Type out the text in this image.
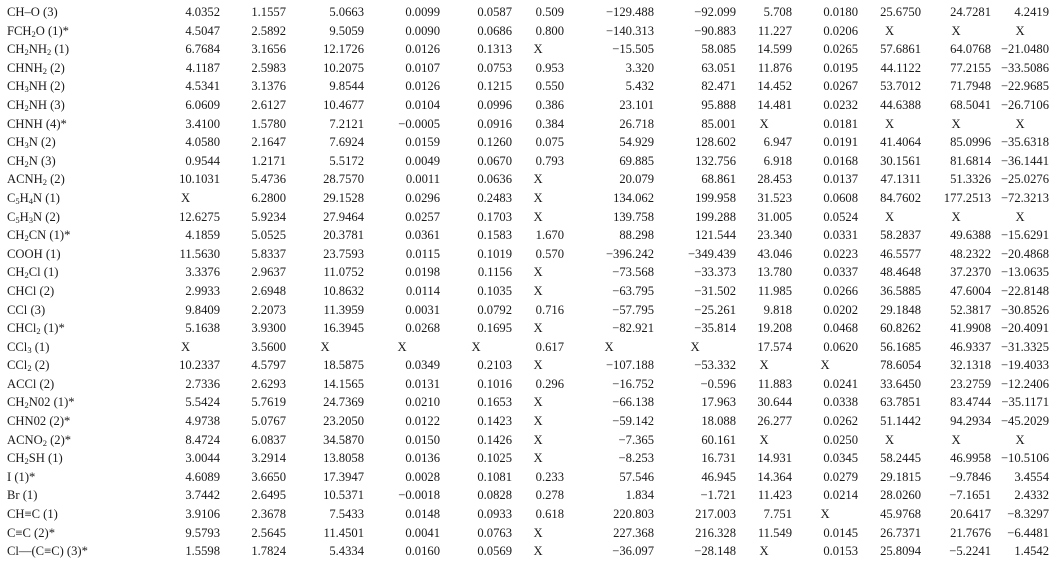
CH–O (3)	4.0352	1.1557	5.0663	0.0099	0.0587	0.509	−129.488	−92.099	5.708	0.0180	25.6750	24.7281	4.2419
$FCH_2O$ (1)*	4.5047	2.5892	9.5059	0.0090	0.0686	0.800	−140.313	−90.883	11.227	0.0206	X	X	X
$CH_2NH_2$ (1)	6.7684	3.1656	12.1726	0.0126	0.1313	X	−15.505	58.085	14.599	0.0265	57.6861	64.0768	−21.0480
$CHNH_2$ (2)	4.1187	2.5983	10.2075	0.0107	0.0753	0.953	3.320	63.051	11.876	0.0195	44.1122	77.2155	−33.5086
$CH_3NH$ (2)	4.5341	3.1376	9.8544	0.0126	0.1215	0.550	5.432	82.471	14.452	0.0267	53.7012	71.7948	−22.9685
$CH_2NH$ (3)	6.0609	2.6127	10.4677	0.0104	0.0996	0.386	23.101	95.888	14.481	0.0232	44.6388	68.5041	−26.7106
CHNH (4)*	3.4100	1.5780	7.2121	−0.0005	0.0916	0.384	26.718	85.001	X	0.0181	X	X	X
$CH_3N$ (2)	4.0580	2.1647	7.6924	0.0159	0.1260	0.075	54.929	128.602	6.947	0.0191	41.4064	85.0996	−35.6318
$CH_2N$ (3)	0.9544	1.2171	5.5172	0.0049	0.0670	0.793	69.885	132.756	6.918	0.0168	30.1561	81.6814	−36.1441
$ACNH_2$ (2)	10.1031	5.4736	28.7570	0.0011	0.0636	X	20.079	68.861	28.453	0.0137	47.1311	51.3326	−25.0276
$C_5H_4N$ (1)	X	6.2800	29.1528	0.0296	0.2483	X	134.062	199.958	31.523	0.0608	84.7602	177.2513	−72.3213
$C_5H_3N$ (2)	12.6275	5.9234	27.9464	0.0257	0.1703	X	139.758	199.288	31.005	0.0524	X	X	X
$CH_2CN$ (1)*	4.1859	5.0525	20.3781	0.0361	0.1583	1.670	88.298	121.544	23.340	0.0331	58.2837	49.6388	−15.6291
COOH (1)	11.5630	5.8337	23.7593	0.0115	0.1019	0.570	−396.242	−349.439	43.046	0.0223	46.5577	48.2322	−20.4868
$CH_2Cl$ (1)	3.3376	2.9637	11.0752	0.0198	0.1156	X	−73.568	−33.373	13.780	0.0337	48.4648	37.2370	−13.0635
CHCl (2)	2.9933	2.6948	10.8632	0.0114	0.1035	X	−63.795	−31.502	11.985	0.0266	36.5885	47.6004	−22.8148
CCl (3)	9.8409	2.2073	11.3959	0.0031	0.0792	0.716	−57.795	−25.261	9.818	0.0202	29.1848	52.3817	−30.8526
CHCl$_2$ (1)*	5.1638	3.9300	16.3945	0.0268	0.1695	X	−82.921	−35.814	19.208	0.0468	60.8262	41.9908	−20.4091
CCl$_3$ (1)	X	3.5600	X	X	X	0.617	X	X	17.574	0.0620	56.1685	46.9337	−31.3325
CCl$_2$ (2)	10.2337	4.5797	18.5875	0.0349	0.2103	X	−107.188	−53.332	X	X	78.6054	32.1318	−19.4033
ACCl (2)	2.7336	2.6293	14.1565	0.0131	0.1016	0.296	−16.752	−0.596	11.883	0.0241	33.6450	23.2759	−12.2406
$CH_2N02$ (1)*	5.5424	5.7619	24.7369	0.0210	0.1653	X	−66.138	17.963	30.644	0.0338	63.7851	83.4744	−35.1171
CHN02 (2)*	4.9738	5.0767	23.2050	0.0122	0.1423	X	−59.142	18.088	26.277	0.0262	51.1442	94.2934	−45.2029
$ACNO_2$ (2)*	8.4724	6.0837	34.5870	0.0150	0.1426	X	−7.365	60.161	X	0.0250	X	X	X
$CH_2SH$ (1)	3.0044	3.2914	13.8058	0.0136	0.1025	X	−8.253	16.731	14.931	0.0345	58.2445	46.9958	−10.5106
I (1)*	4.6089	3.6650	17.3947	0.0028	0.1081	0.233	57.546	46.945	14.364	0.0279	29.1815	−9.7846	3.4554
Br (1)	3.7442	2.6495	10.5371	−0.0018	0.0828	0.278	1.834	−1.721	11.423	0.0214	28.0260	−7.1651	2.4332
CH≡C (1)	3.9106	2.3678	7.5433	0.0148	0.0933	0.618	220.803	217.003	7.751	X	45.9768	20.6417	−8.3297
C≡C (2)*	9.5793	2.5645	11.4501	0.0041	0.0763	X	227.368	216.328	11.549	0.0145	26.7371	21.7676	−6.4481
Cl—(C≡C) (3)*	1.5598	1.7824	5.4334	0.0160	0.0569	X	−36.097	−28.148	X	0.0153	25.8094	−5.2241	1.4542
